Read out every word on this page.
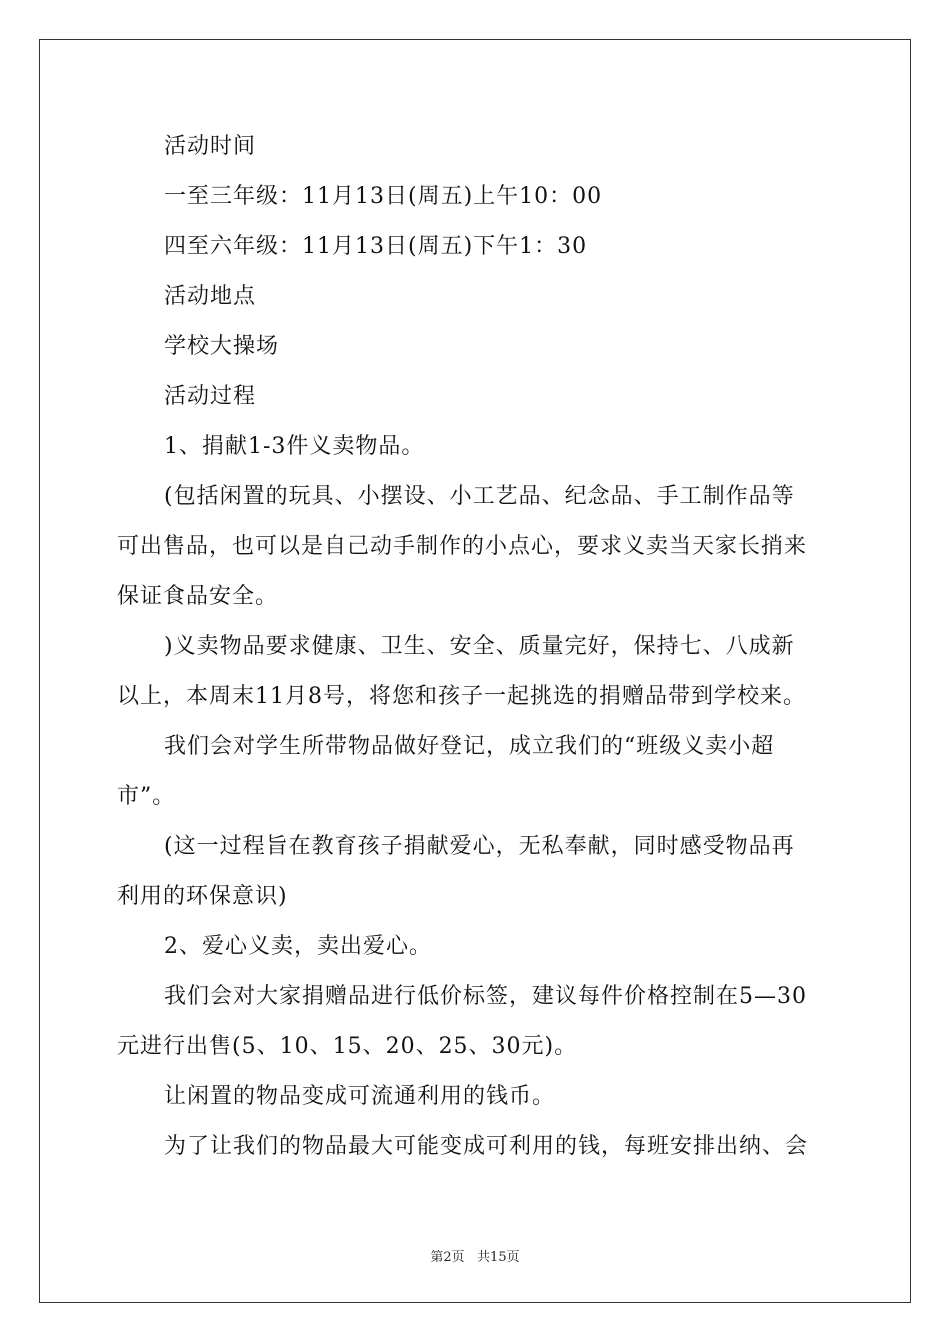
活动时间
一至三年级：11月13日(周五)上午10：00
四至六年级：11月13日(周五)下午1：30
活动地点
学校大操场
活动过程
1、捐献1-3件义卖物品。
(包括闲置的玩具、小摆设、小工艺品、纪念品、手工制作品等
可出售品，也可以是自己动手制作的小点心，要求义卖当天家长捎来
保证食品安全。
)义卖物品要求健康、卫生、安全、质量完好，保持七、八成新
以上，本周末11月8号，将您和孩子一起挑选的捐赠品带到学校来。
我们会对学生所带物品做好登记，成立我们的“班级义卖小超
市”。
(这一过程旨在教育孩子捐献爱心，无私奉献，同时感受物品再
利用的环保意识)
2、爱心义卖，卖出爱心。
我们会对大家捐赠品进行低价标签，建议每件价格控制在5—30
元进行出售(5、10、15、20、25、30元)。
让闲置的物品变成可流通利用的钱币。
为了让我们的物品最大可能变成可利用的钱，每班安排出纳、会
第2页   共15页
